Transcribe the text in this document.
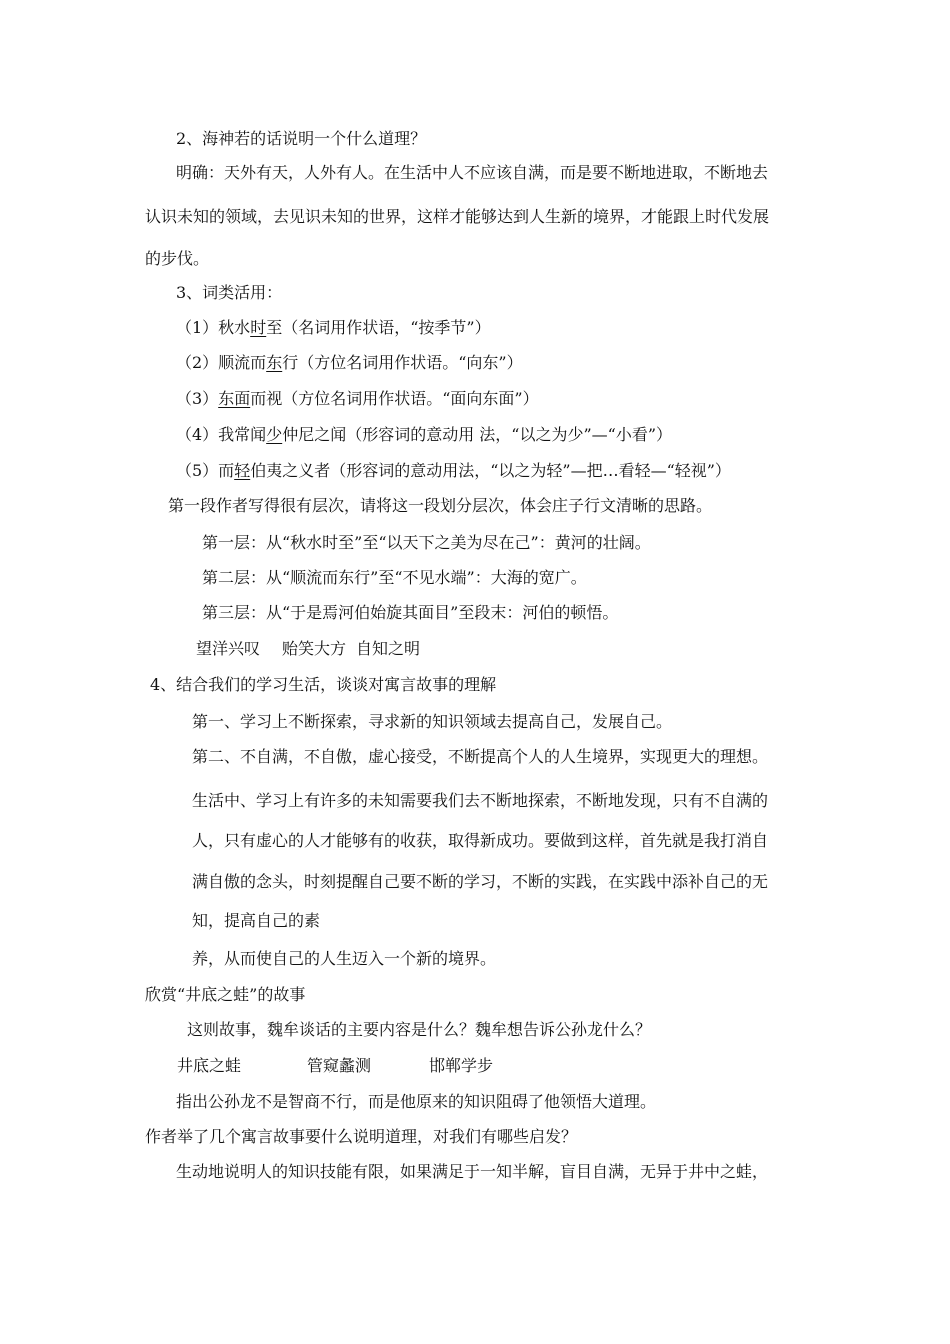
2、海神若的话说明一个什么道理？
明确：天外有天，人外有人。在生活中人不应该自满，而是要不断地进取，不断地去
认识未知的领域，去见识未知的世界，这样才能够达到人生新的境界，才能跟上时代发展
的步伐。
3、词类活用：
（1）秋水时至（名词用作状语，“按季节”）
（2）顺流而东行（方位名词用作状语。“向东”）
（3）东面而视（方位名词用作状语。“面向东面”）
（4）我常闻少仲尼之闻（形容词的意动用 法，“以之为少”—“小看”）
（5）而轻伯夷之义者（形容词的意动用法，“以之为轻”—把…看轻—“轻视”）
第一段作者写得很有层次，请将这一段划分层次，体会庄子行文清晰的思路。
第一层：从“秋水时至”至“以天下之美为尽在己”：黄河的壮阔。
第二层：从“顺流而东行”至“不见水端”：大海的宽广。
第三层：从“于是焉河伯始旋其面目”至段末：河伯的顿悟。
望洋兴叹 贻笑大方 自知之明
4、结合我们的学习生活，谈谈对寓言故事的理解
第一、学习上不断探索，寻求新的知识领域去提高自己，发展自己。
第二、不自满，不自傲，虚心接受，不断提高个人的人生境界，实现更大的理想。
生活中、学习上有许多的未知需要我们去不断地探索，不断地发现，只有不自满的
人，只有虚心的人才能够有的收获，取得新成功。要做到这样，首先就是我打消自
满自傲的念头，时刻提醒自己要不断的学习，不断的实践，在实践中添补自己的无
知，提高自己的素
养，从而使自己的人生迈入一个新的境界。
欣赏“井底之蛙”的故事
这则故事，魏牟谈话的主要内容是什么？魏牟想告诉公孙龙什么？
井底之蛙	管窥蠡测	邯郸学步
指出公孙龙不是智商不行，而是他原来的知识阻碍了他领悟大道理。
作者举了几个寓言故事要什么说明道理，对我们有哪些启发？
生动地说明人的知识技能有限，如果满足于一知半解，盲目自满，无异于井中之蛙，
